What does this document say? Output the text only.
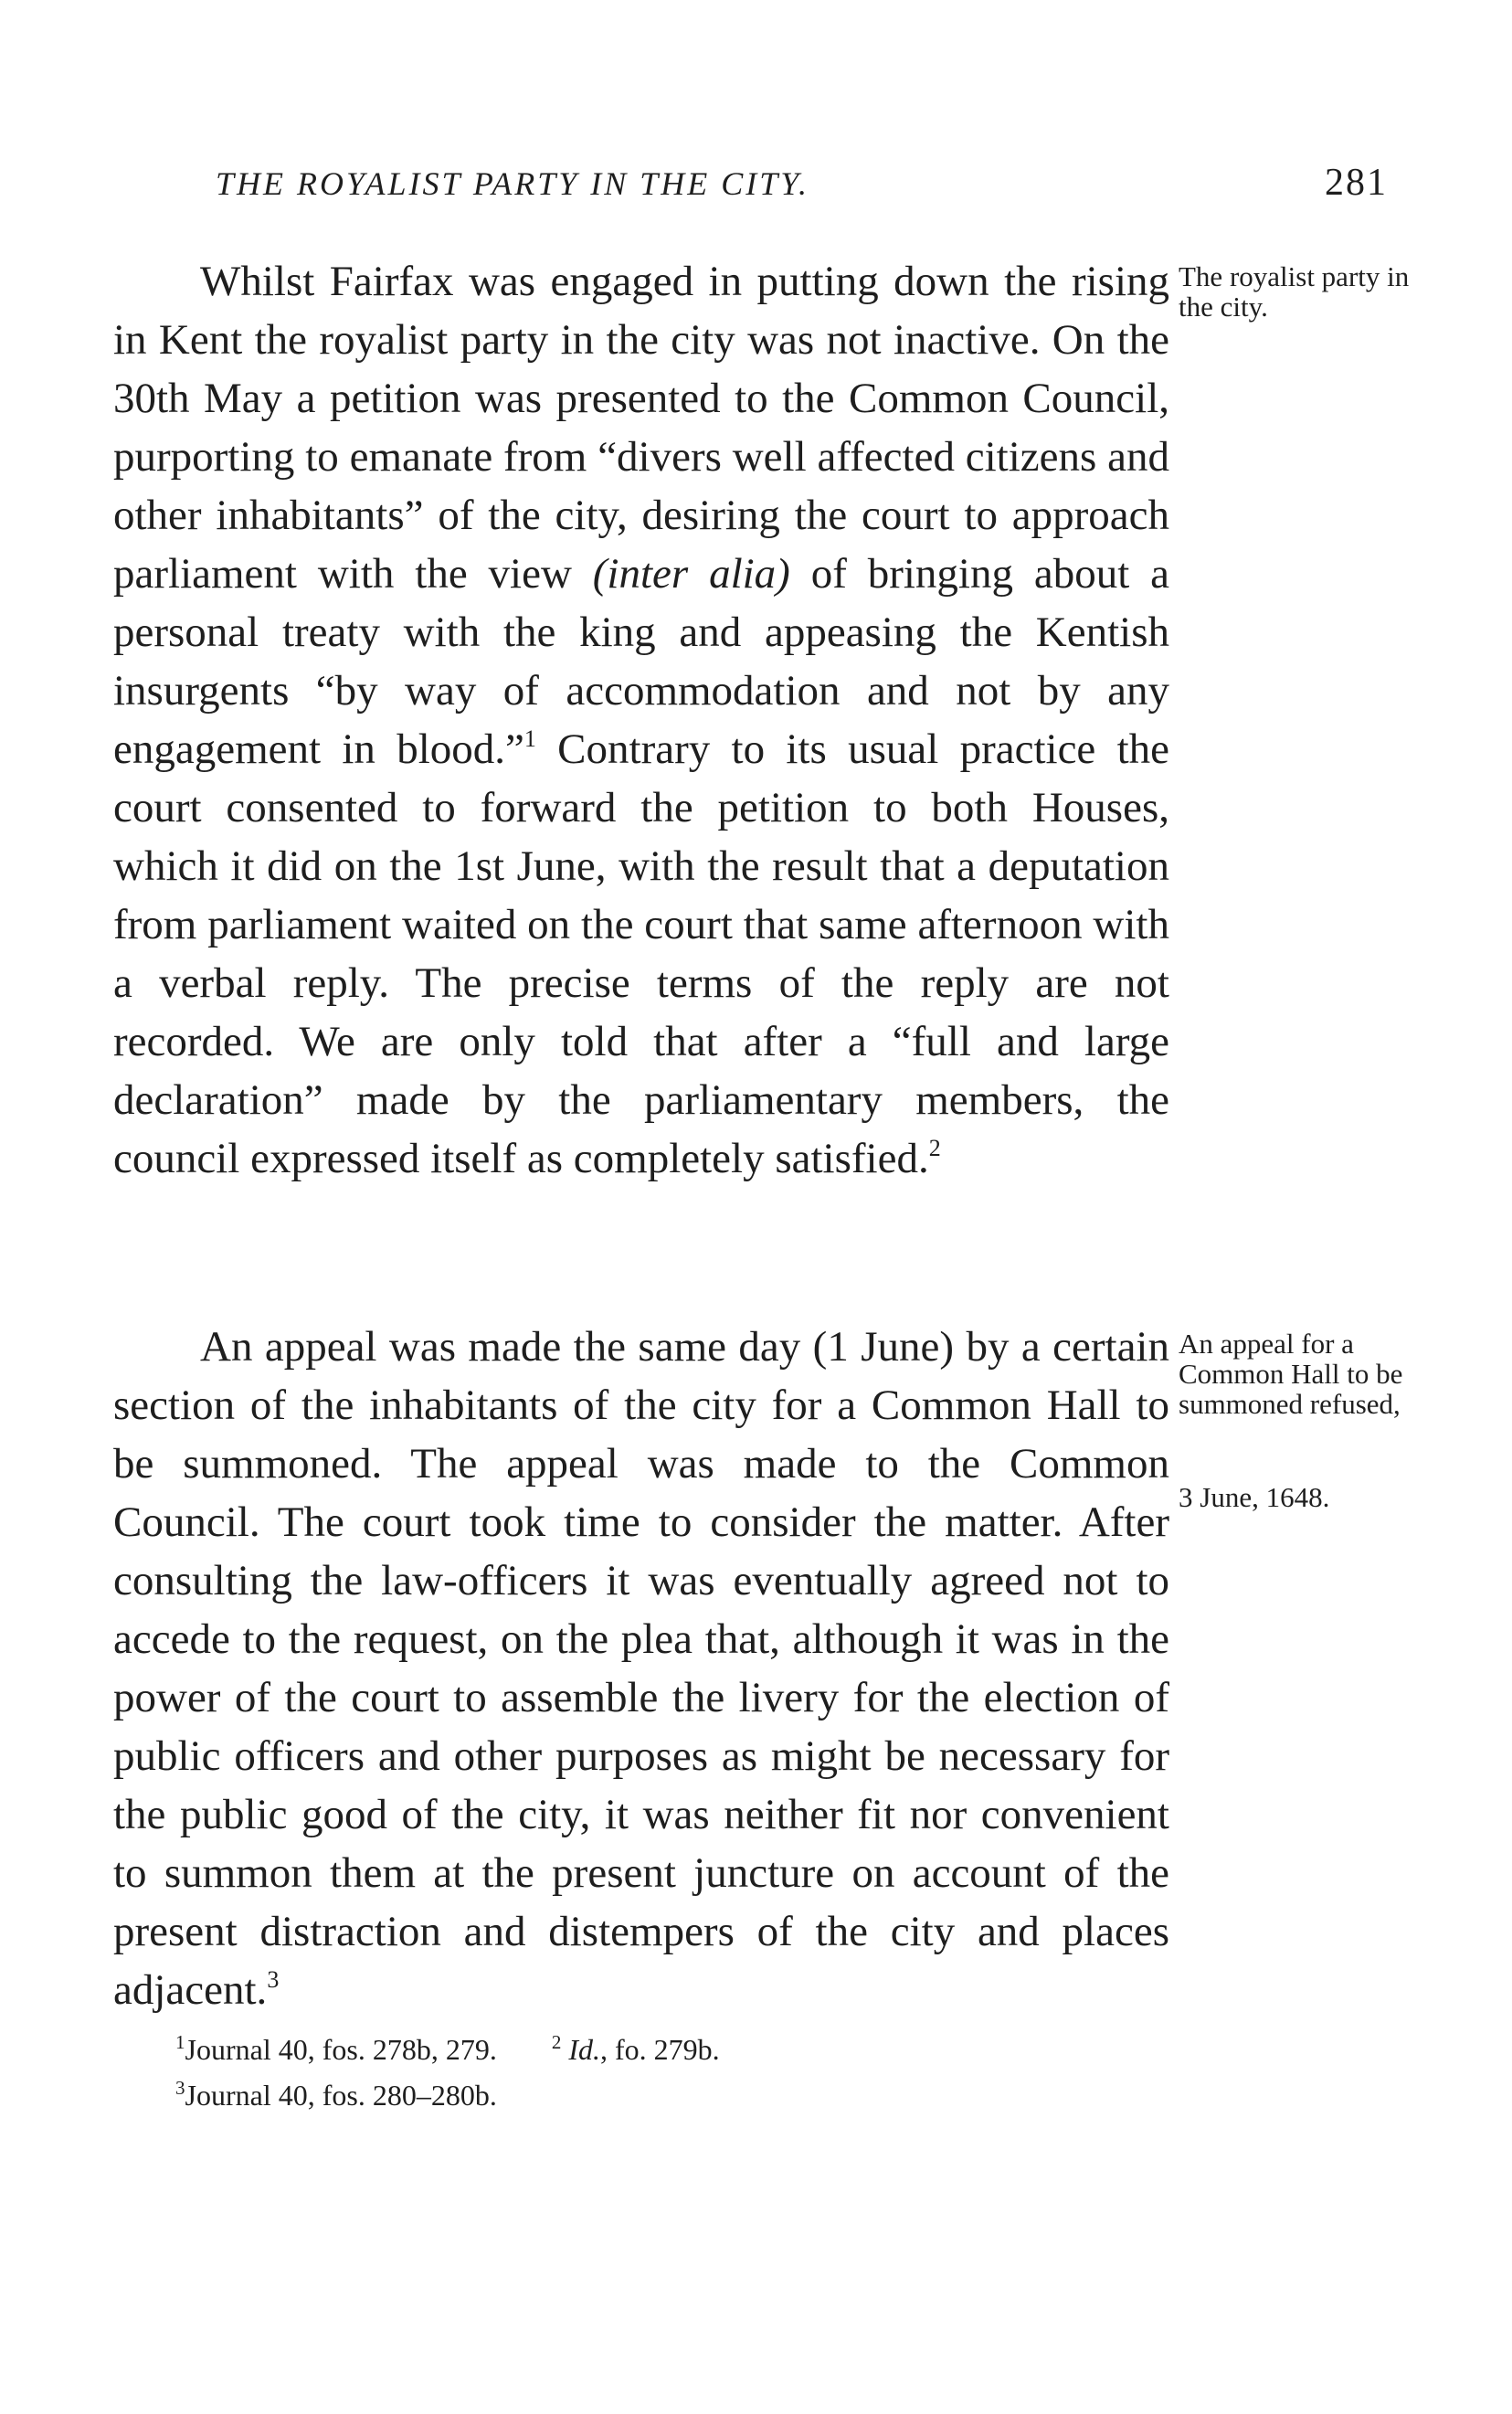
THE ROYALIST PARTY IN THE CITY.	281
Whilst Fairfax was engaged in putting down the rising in Kent the royalist party in the city was not inactive. On the 30th May a petition was presented to the Common Council, purporting to emanate from “divers well affected citizens and other inhabitants” of the city, desiring the court to approach parliament with the view (inter alia) of bringing about a personal treaty with the king and appeasing the Kentish insurgents “by way of accommodation and not by any engagement in blood.”$^1$ Contrary to its usual practice the court consented to forward the petition to both Houses, which it did on the 1st June, with the result that a deputation from parliament waited on the court that same afternoon with a verbal reply. The precise terms of the reply are not recorded. We are only told that after a “full and large declaration” made by the parliamentary members, the council expressed itself as completely satisfied.$^2$
An appeal was made the same day (1 June) by a certain section of the inhabitants of the city for a Common Hall to be summoned. The appeal was made to the Common Council. The court took time to consider the matter. After consulting the law-officers it was eventually agreed not to accede to the request, on the plea that, although it was in the power of the court to assemble the livery for the election of public officers and other purposes as might be necessary for the public good of the city, it was neither fit nor convenient to summon them at the present juncture on account of the present distraction and distempers of the city and places adjacent.$^3$
The royalist party in the city.
An appeal for a Common Hall to be summoned refused,
3 June, 1648.
$^1$Journal 40, fos. 278b, 279.	$^2$ Id., fo. 279b.
$^3$Journal 40, fos. 280–280b.
